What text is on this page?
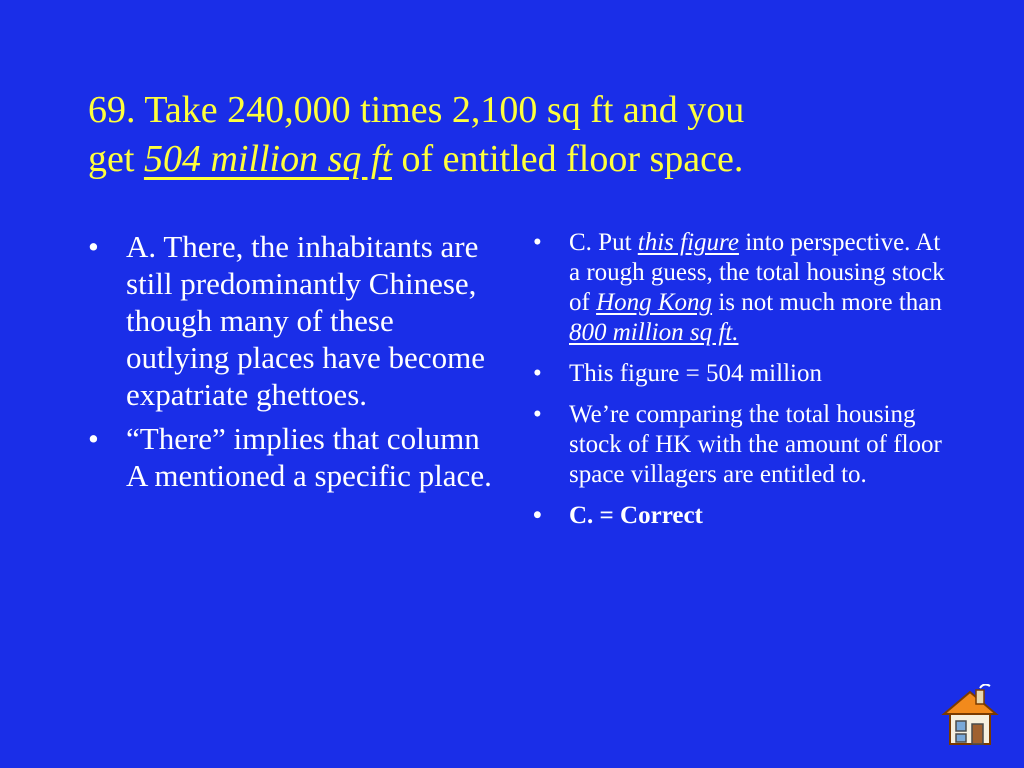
69. Take 240,000 times 2,100 sq ft and you
get 504 million sq ft of entitled floor space.
• A. There, the inhabitants are still predominantly Chinese, though many of these outlying places have become expatriate ghettoes.
• “There” implies that column A mentioned a specific place.
• C. Put this figure into perspective. At a rough guess, the total housing stock of Hong Kong is not much more than 800 million sq ft.
• This figure = 504 million
• We’re comparing the total housing stock of HK with the amount of floor space villagers are entitled to.
• C. = Correct
